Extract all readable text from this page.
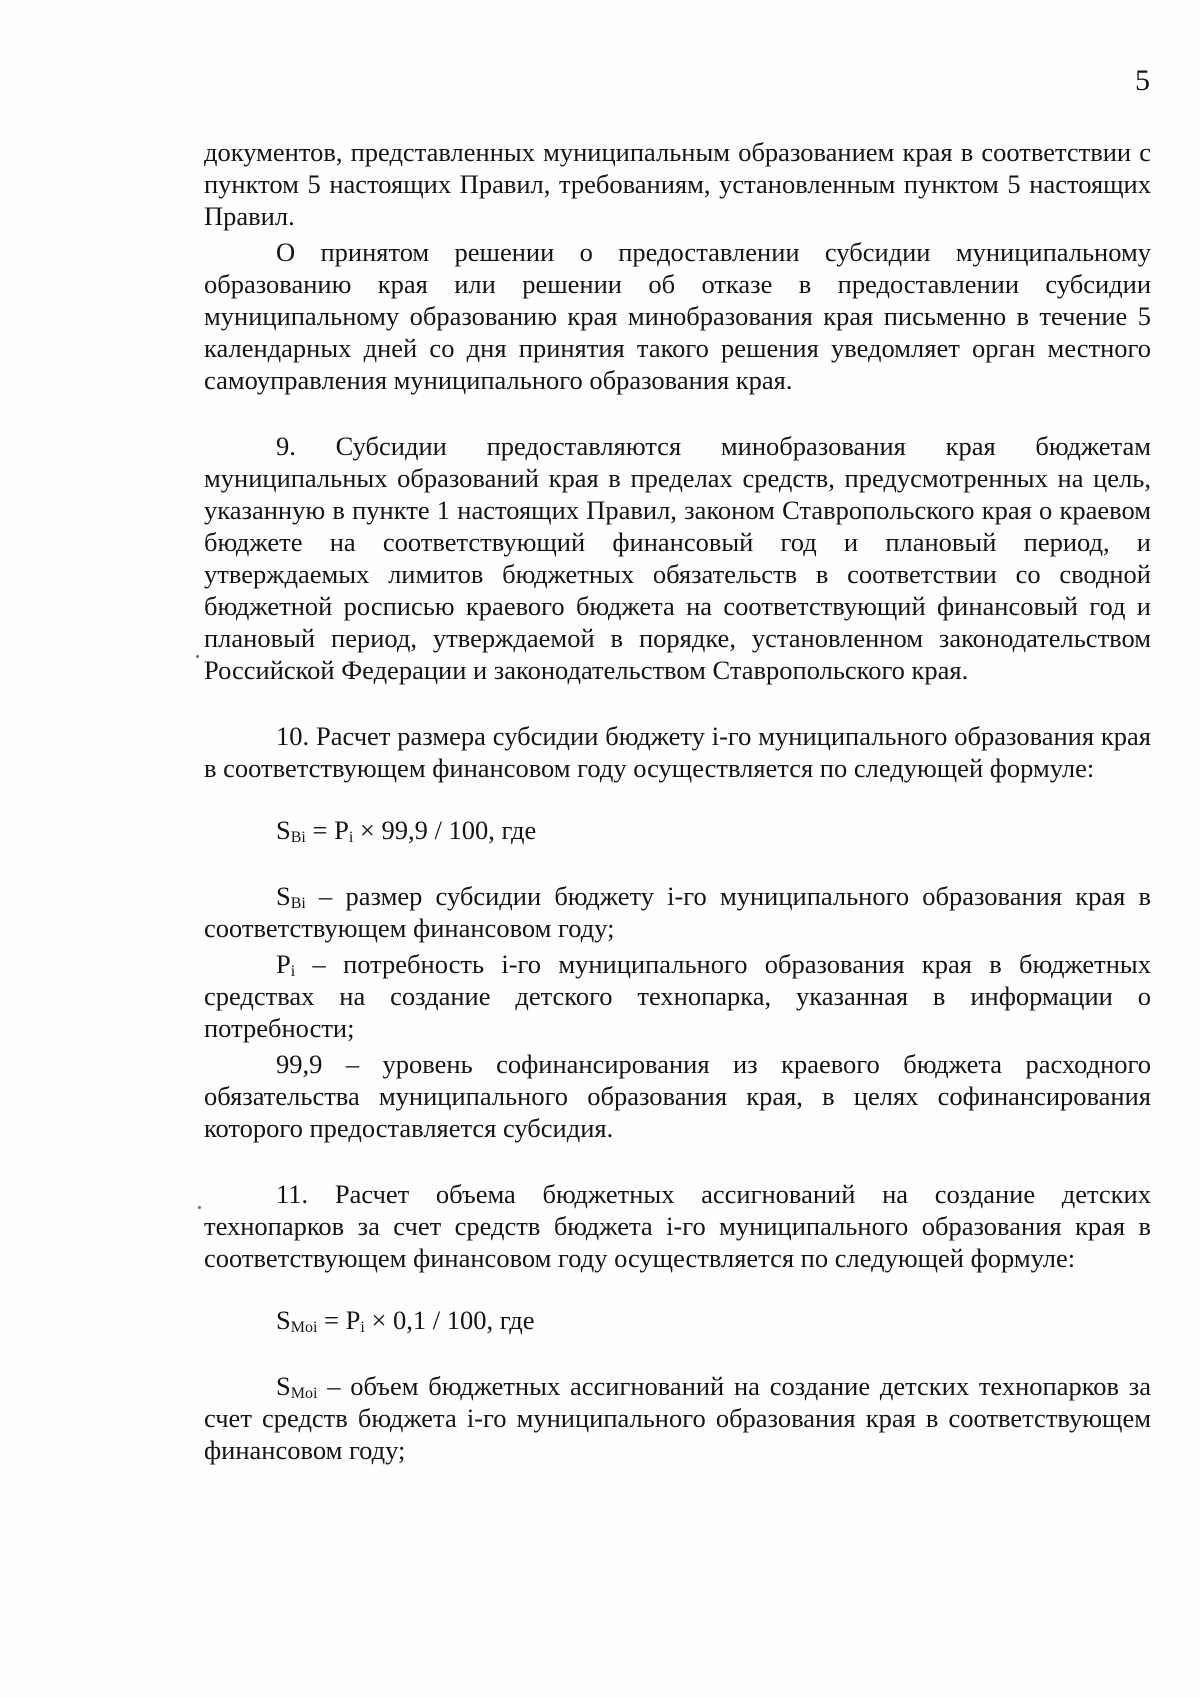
5

документов, представленных муниципальным образованием края в соответствии с пунктом 5 настоящих Правил, требованиям, установленным пунктом 5 настоящих Правил.

О принятом решении о предоставлении субсидии муниципальному образованию края или решении об отказе в предоставлении субсидии муниципальному образованию края минобразования края письменно в течение 5 календарных дней со дня принятия такого решения уведомляет орган местного самоуправления муниципального образования края.

9. Субсидии предоставляются минобразования края бюджетам муниципальных образований края в пределах средств, предусмотренных на цель, указанную в пункте 1 настоящих Правил, законом Ставропольского края о краевом бюджете на соответствующий финансовый год и плановый период, и утверждаемых лимитов бюджетных обязательств в соответствии со сводной бюджетной росписью краевого бюджета на соответствующий финансовый год и плановый период, утверждаемой в порядке, установленном законодательством Российской Федерации и законодательством Ставропольского края.

10. Расчет размера субсидии бюджету i-го муниципального образования края в соответствующем финансовом году осуществляется по следующей формуле:

$S_{Bi} = P_i \times 99,9 / 100$, где

$S_{Bi}$ – размер субсидии бюджету i-го муниципального образования края в соответствующем финансовом году;

$P_i$ – потребность i-го муниципального образования края в бюджетных средствах на создание детского технопарка, указанная в информации о потребности;

99,9 – уровень софинансирования из краевого бюджета расходного обязательства муниципального образования края, в целях софинансирования которого предоставляется субсидия.

11. Расчет объема бюджетных ассигнований на создание детских технопарков за счет средств бюджета i-го муниципального образования края в соответствующем финансовом году осуществляется по следующей формуле:

$S_{Moi} = P_i \times 0,1 / 100$, где

$S_{Moi}$ – объем бюджетных ассигнований на создание детских технопарков за счет средств бюджета i-го муниципального образования края в соответствующем финансовом году;
